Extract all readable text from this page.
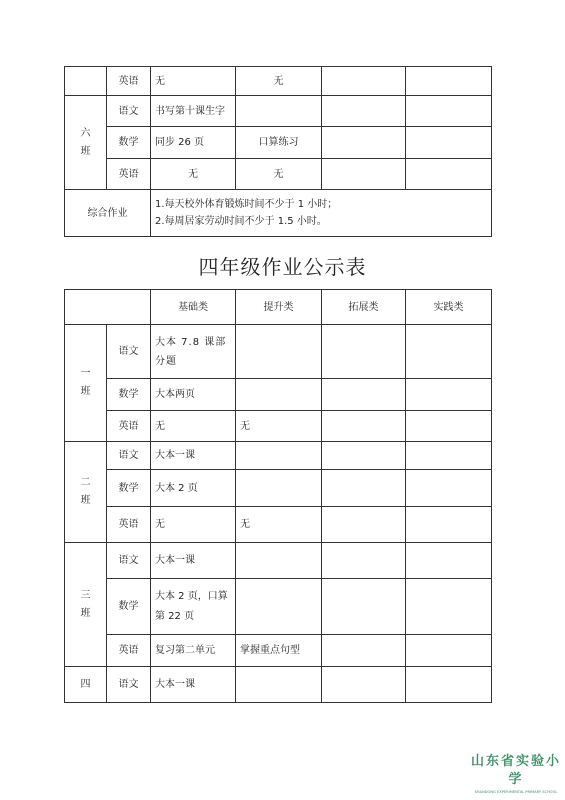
	英语	无	无		
六
班	语文	书写第十课生字			
	数学	同步 26 页	口算练习		
	英语	无	无		
综合作业		1.每天校外体育锻炼时间不少于 1 小时；
2.每周居家劳动时间不少于 1.5 小时。			
四年级作业公示表
		基础类	提升类	拓展类	实践类
一
班	语文	大本 7.8 课部分题			
	数学	大本两页			
	英语	无	无		
二
班	语文	大本一课			
	数学	大本 2 页			
	英语	无	无		
三
班	语文	大本一课			
	数学	大本 2 页，口算第 22 页			
	英语	复习第二单元	掌握重点句型		
四	语文	大本一课			
山东省实验小学
SHANDONG EXPERIMENTAL PRIMARY SCHOOL
